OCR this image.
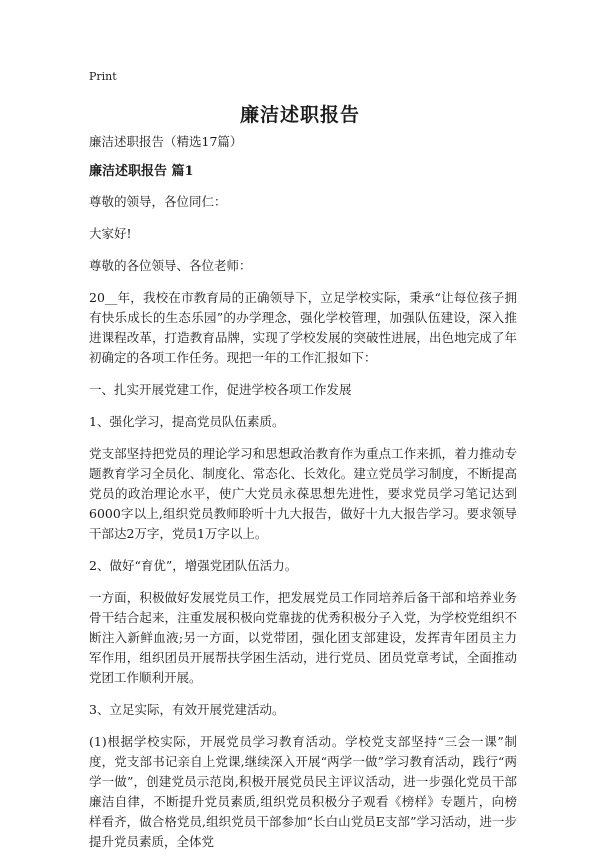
Print
廉洁述职报告

廉洁述职报告（精选17篇）

廉洁述职报告 篇1

尊敬的领导，各位同仁：

大家好!

尊敬的各位领导、各位老师：

20__年，我校在市教育局的正确领导下，立足学校实际，秉承“让每位孩子拥有快乐成长的生态乐园”的办学理念，强化学校管理，加强队伍建设，深入推进课程改革，打造教育品牌，实现了学校发展的突破性进展，出色地完成了年初确定的各项工作任务。现把一年的工作汇报如下：

一、扎实开展党建工作，促进学校各项工作发展

1、强化学习，提高党员队伍素质。

党支部坚持把党员的理论学习和思想政治教育作为重点工作来抓，着力推动专题教育学习全员化、制度化、常态化、长效化。建立党员学习制度，不断提高党员的政治理论水平，使广大党员永葆思想先进性，要求党员学习笔记达到6000字以上,组织党员教师聆听十九大报告，做好十九大报告学习。要求领导干部达2万字，党员1万字以上。

2、做好“育优”，增强党团队伍活力。

一方面，积极做好发展党员工作，把发展党员工作同培养后备干部和培养业务骨干结合起来，注重发展积极向党靠拢的优秀积极分子入党，为学校党组织不断注入新鲜血液;另一方面，以党带团，强化团支部建设，发挥青年团员主力军作用，组织团员开展帮扶学困生活动，进行党员、团员党章考试，全面推动党团工作顺利开展。

3、立足实际，有效开展党建活动。

(1)根据学校实际，开展党员学习教育活动。学校党支部坚持“三会一课”制度，党支部书记亲自上党课,继续深入开展“两学一做”学习教育活动，践行“两学一做”，创建党员示范岗,积极开展党员民主评议活动，进一步强化党员干部廉洁自律，不断提升党员素质,组织党员积极分子观看《榜样》专题片，向榜样看齐，做合格党员,组织党员干部参加“长白山党员E支部”学习活动，进一步提升党员素质，全体党
